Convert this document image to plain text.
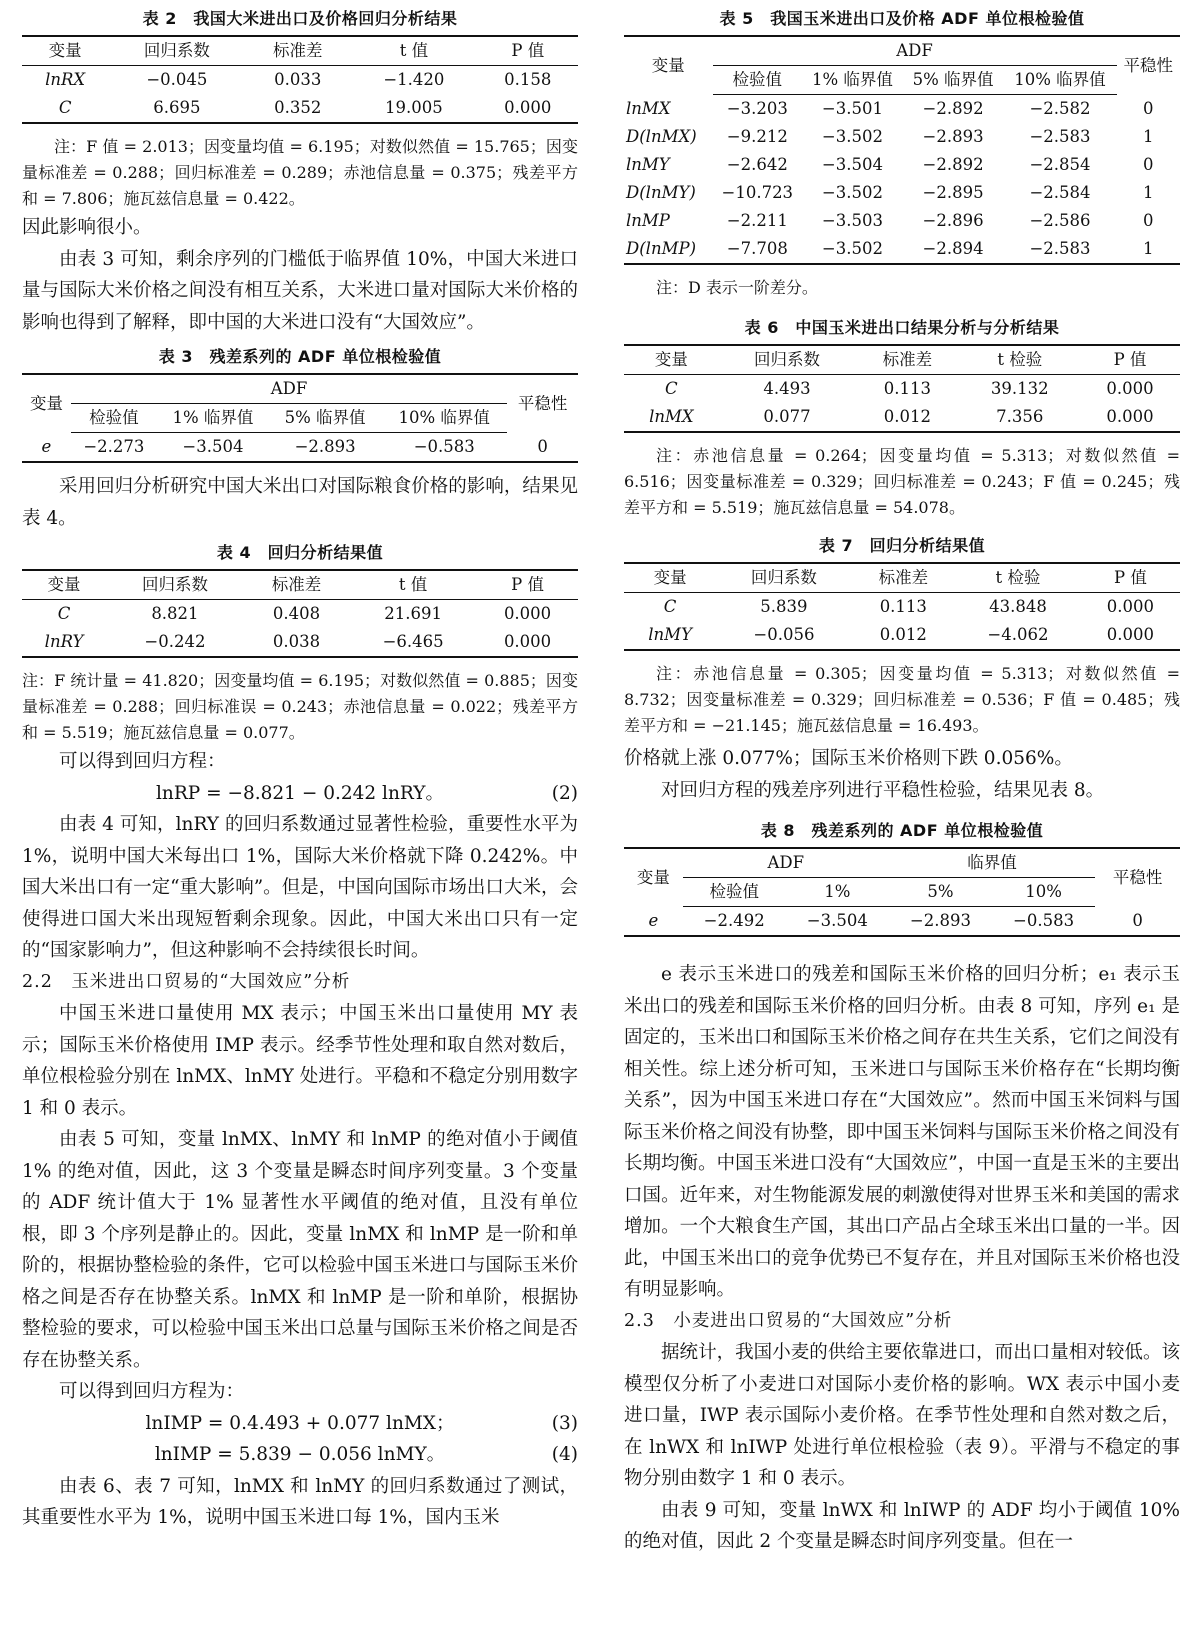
表 2　我国大米进出口及价格回归分析结果
变量	回归系数	标准差	t 值	P 值
lnRX	−0.045	0.033	−1.420	0.158
C	6.695	0.352	19.005	0.000

注：F 值 = 2.013；因变量均值 = 6.195；对数似然值 = 15.765；因变量标准差 = 0.288；回归标准差 = 0.289；赤池信息量 = 0.375；残差平方和 = 7.806；施瓦兹信息量 = 0.422。

因此影响很小。

由表 3 可知，剩余序列的门槛低于临界值 10%，中国大米进口量与国际大米价格之间没有相互关系，大米进口量对国际大米价格的影响也得到了解释，即中国的大米进口没有“大国效应”。

表 3　残差系列的 ADF 单位根检验值
变量	ADF				平稳性
	检验值	1% 临界值	5% 临界值	10% 临界值	
e	−2.273	−3.504	−2.893	−0.583	0

采用回归分析研究中国大米出口对国际粮食价格的影响，结果见表 4。

表 4　回归分析结果值
变量	回归系数	标准差	t 值	P 值
C	8.821	0.408	21.691	0.000
lnRY	−0.242	0.038	−6.465	0.000

注：F 统计量 = 41.820；因变量均值 = 6.195；对数似然值 = 0.885；因变量标准差 = 0.288；回归标准误 = 0.243；赤池信息量 = 0.022；残差平方和 = 5.519；施瓦兹信息量 = 0.077。

可以得到回归方程：

lnRP = −8.821 − 0.242 lnRY。	(2)

由表 4 可知，lnRY 的回归系数通过显著性检验，重要性水平为 1%，说明中国大米每出口 1%，国际大米价格就下降 0.242%。中国大米出口有一定“重大影响”。但是，中国向国际市场出口大米，会使得进口国大米出现短暂剩余现象。因此，中国大米出口只有一定的“国家影响力”，但这种影响不会持续很长时间。

2.2　玉米进出口贸易的“大国效应”分析

中国玉米进口量使用 MX 表示；中国玉米出口量使用 MY 表示；国际玉米价格使用 IMP 表示。经季节性处理和取自然对数后，单位根检验分别在 lnMX、lnMY 处进行。平稳和不稳定分别用数字 1 和 0 表示。

由表 5 可知，变量 lnMX、lnMY 和 lnMP 的绝对值小于阈值 1% 的绝对值，因此，这 3 个变量是瞬态时间序列变量。3 个变量的 ADF 统计值大于 1% 显著性水平阈值的绝对值，且没有单位根，即 3 个序列是静止的。因此，变量 lnMX 和 lnMP 是一阶和单阶的，根据协整检验的条件，它可以检验中国玉米进口与国际玉米价格之间是否存在协整关系。lnMX 和 lnMP 是一阶和单阶，根据协整检验的要求，可以检验中国玉米出口总量与国际玉米价格之间是否存在协整关系。

可以得到回归方程为：

lnIMP = 0.4.493 + 0.077 lnMX；	(3)
lnIMP = 5.839 − 0.056 lnMY。	(4)

由表 6、表 7 可知，lnMX 和 lnMY 的回归系数通过了测试，其重要性水平为 1%，说明中国玉米进口每 1%，国内玉米

表 5　我国玉米进出口及价格 ADF 单位根检验值
变量	ADF				平稳性
	检验值	1% 临界值	5% 临界值	10% 临界值	
lnMX	−3.203	−3.501	−2.892	−2.582	0
D(lnMX)	−9.212	−3.502	−2.893	−2.583	1
lnMY	−2.642	−3.504	−2.892	−2.854	0
D(lnMY)	−10.723	−3.502	−2.895	−2.584	1
lnMP	−2.211	−3.503	−2.896	−2.586	0
D(lnMP)	−7.708	−3.502	−2.894	−2.583	1

注：D 表示一阶差分。

表 6　中国玉米进出口结果分析与分析结果
变量	回归系数	标准差	t 检验	P 值
C	4.493	0.113	39.132	0.000
lnMX	0.077	0.012	7.356	0.000

注：赤池信息量 = 0.264；因变量均值 = 5.313；对数似然值 = 6.516；因变量标准差 = 0.329；回归标准差 = 0.243；F 值 = 0.245；残差平方和 = 5.519；施瓦兹信息量 = 54.078。

表 7　回归分析结果值
变量	回归系数	标准差	t 检验	P 值
C	5.839	0.113	43.848	0.000
lnMY	−0.056	0.012	−4.062	0.000

注：赤池信息量 = 0.305；因变量均值 = 5.313；对数似然值 = 8.732；因变量标准差 = 0.329；回归标准差 = 0.536；F 值 = 0.485；残差平方和 = −21.145；施瓦兹信息量 = 16.493。

价格就上涨 0.077%；国际玉米价格则下跌 0.056%。

对回归方程的残差序列进行平稳性检验，结果见表 8。

表 8　残差系列的 ADF 单位根检验值
变量	ADF		临界值		平稳性
	检验值	1%	5%	10%	
e	−2.492	−3.504	−2.893	−0.583	0

e 表示玉米进口的残差和国际玉米价格的回归分析；e₁ 表示玉米出口的残差和国际玉米价格的回归分析。由表 8 可知，序列 e₁ 是固定的，玉米出口和国际玉米价格之间存在共生关系，它们之间没有相关性。综上述分析可知，玉米进口与国际玉米价格存在“长期均衡关系”，因为中国玉米进口存在“大国效应”。然而中国玉米饲料与国际玉米价格之间没有协整，即中国玉米饲料与国际玉米价格之间没有长期均衡。中国玉米进口没有“大国效应”，中国一直是玉米的主要出口国。近年来，对生物能源发展的刺激使得对世界玉米和美国的需求增加。一个大粮食生产国，其出口产品占全球玉米出口量的一半。因此，中国玉米出口的竞争优势已不复存在，并且对国际玉米价格也没有明显影响。

2.3　小麦进出口贸易的“大国效应”分析

据统计，我国小麦的供给主要依靠进口，而出口量相对较低。该模型仅分析了小麦进口对国际小麦价格的影响。WX 表示中国小麦进口量，IWP 表示国际小麦价格。在季节性处理和自然对数之后，在 lnWX 和 lnIWP 处进行单位根检验（表 9）。平滑与不稳定的事物分别由数字 1 和 0 表示。

由表 9 可知，变量 lnWX 和 lnIWP 的 ADF 均小于阈值 10% 的绝对值，因此 2 个变量是瞬态时间序列变量。但在一
